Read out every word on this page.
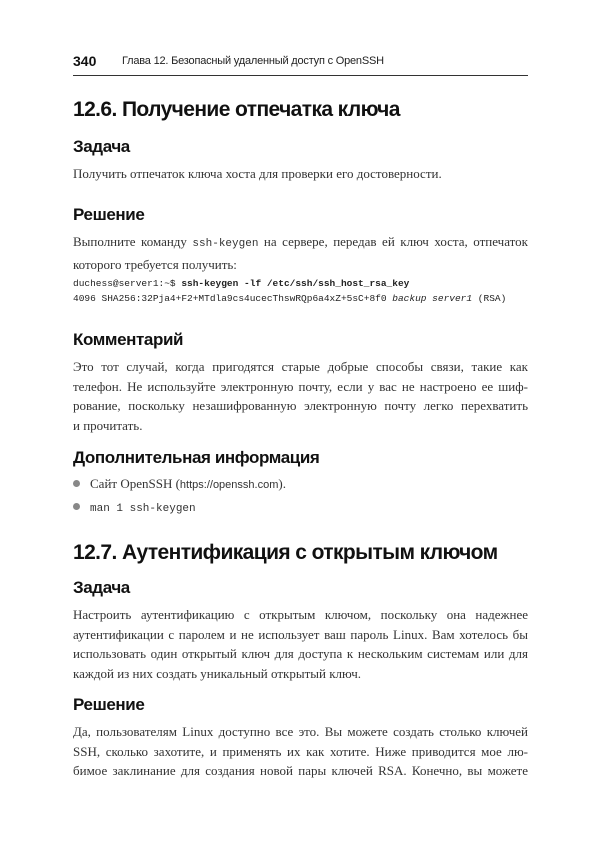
340 Глава 12. Безопасный удаленный доступ с OpenSSH
12.6. Получение отпечатка ключа
Задача
Получить отпечаток ключа хоста для проверки его достоверности.
Решение
Выполните команду ssh-keygen на сервере, передав ей ключ хоста, отпечаток
которого требуется получить:
duchess@server1:~$ ssh-keygen -lf /etc/ssh/ssh_host_rsa_key
4096 SHA256:32Pja4+F2+MTdla9cs4ucecThswRQp6a4xZ+5sC+8f0 backup server1 (RSA)
Комментарий
Это тот случай, когда пригодятся старые добрые способы связи, такие как
телефон. Не используйте электронную почту, если у вас не настроено ее шиф-
рование, поскольку незашифрованную электронную почту легко перехватить
и прочитать.
Дополнительная информация
Сайт OpenSSH (https://openssh.com).
man 1 ssh-keygen
12.7. Аутентификация с открытым ключом
Задача
Настроить аутентификацию с открытым ключом, поскольку она надежнее
аутентификации с паролем и не использует ваш пароль Linux. Вам хотелось бы
использовать один открытый ключ для доступа к нескольким системам или для
каждой из них создать уникальный открытый ключ.
Решение
Да, пользователям Linux доступно все это. Вы можете создать столько ключей
SSH, сколько захотите, и применять их как хотите. Ниже приводится мое лю-
бимое заклинание для создания новой пары ключей RSA. Конечно, вы можете
